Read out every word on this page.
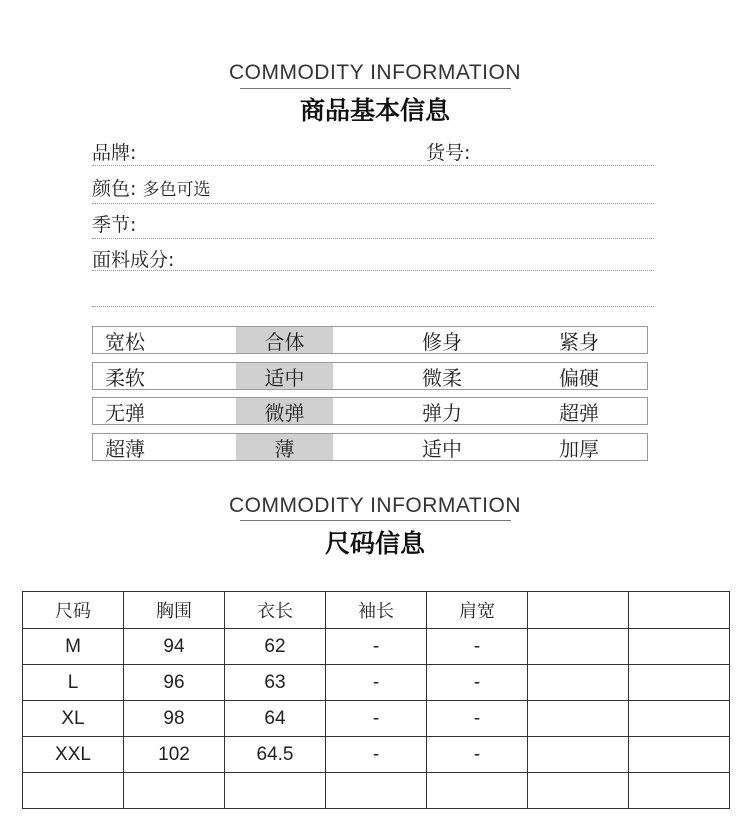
COMMODITY INFORMATION
商品基本信息
品牌:	货号:
颜色: 多色可选
季节:
面料成分:
宽松	合体	修身	紧身
柔软	适中	微柔	偏硬
无弹	微弹	弹力	超弹
超薄	薄	适中	加厚
COMMODITY INFORMATION
尺码信息
尺码	胸围	衣长	袖长	肩宽		
M	94	62	-	-		
L	96	63	-	-		
XL	98	64	-	-		
XXL	102	64.5	-	-		
